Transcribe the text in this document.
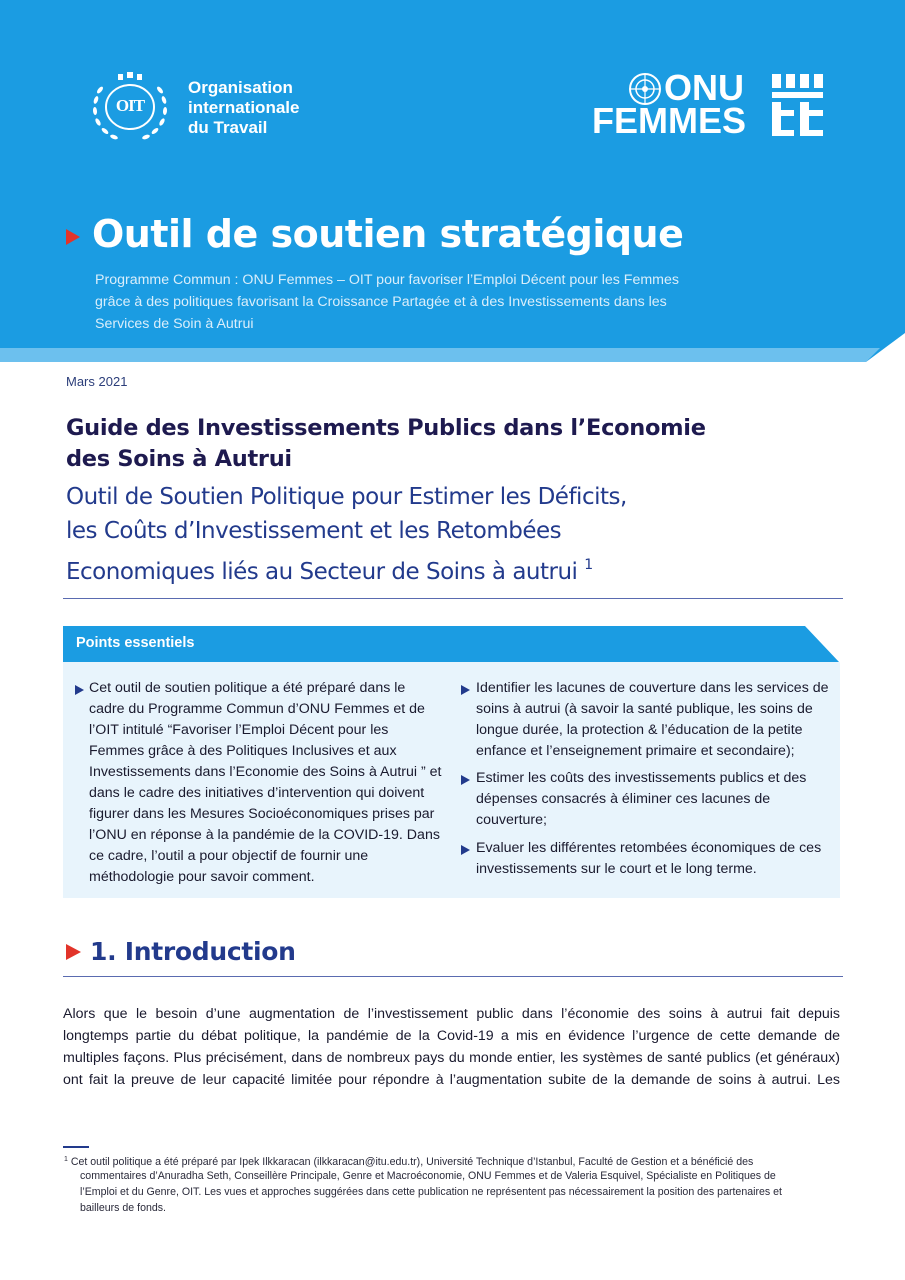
OIT
Organisation
internationale
du Travail
ONU
FEMMES
Outil de soutien stratégique
Programme Commun : ONU Femmes – OIT pour favoriser l’Emploi Décent pour les Femmes
grâce à des politiques favorisant la Croissance Partagée et à des Investissements dans les
Services de Soin à Autrui
Mars 2021
Guide des Investissements Publics dans l’Economie
des Soins à Autrui
Outil de Soutien Politique pour Estimer les Déficits,
les Coûts d’Investissement et les Retombées
Economiques liés au Secteur de Soins à autrui $^1$
Points essentiels
Cet outil de soutien politique a été préparé dans le
cadre du Programme Commun d’ONU Femmes et de
l’OIT intitulé “Favoriser l’Emploi Décent pour les
Femmes grâce à des Politiques Inclusives et aux
Investissements dans l’Economie des Soins à Autrui ” et
dans le cadre des initiatives d’intervention qui doivent
figurer dans les Mesures Socioéconomiques prises par
l’ONU en réponse à la pandémie de la COVID-19. Dans
ce cadre, l’outil a pour objectif de fournir une
méthodologie pour savoir comment.
Identifier les lacunes de couverture dans les services de
soins à autrui (à savoir la santé publique, les soins de
longue durée, la protection & l’éducation de la petite
enfance et l’enseignement primaire et secondaire);
Estimer les coûts des investissements publics et des
dépenses consacrés à éliminer ces lacunes de
couverture;
Evaluer les différentes retombées économiques de ces
investissements sur le court et le long terme.
1. Introduction
Alors que le besoin d’une augmentation de l’investissement public dans l’économie des soins à autrui fait depuis
longtemps partie du débat politique, la pandémie de la Covid-19 a mis en évidence l’urgence de cette demande de
multiples façons. Plus précisément, dans de nombreux pays du monde entier, les systèmes de santé publics (et généraux)
ont fait la preuve de leur capacité limitée pour répondre à l’augmentation subite de la demande de soins à autrui. Les
$^1$ Cet outil politique a été préparé par Ipek Ilkkaracan (ilkkaracan@itu.edu.tr), Université Technique d’Istanbul, Faculté de Gestion et a bénéficié des
commentaires d’Anuradha Seth, Conseillère Principale, Genre et Macroéconomie, ONU Femmes et de Valeria Esquivel, Spécialiste en Politiques de
l’Emploi et du Genre, OIT. Les vues et approches suggérées dans cette publication ne représentent pas nécessairement la position des partenaires et
bailleurs de fonds.
